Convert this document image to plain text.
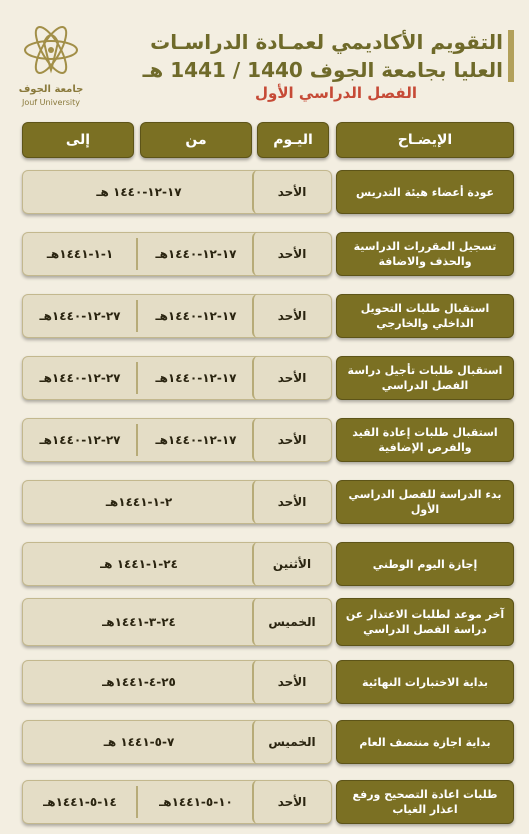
جامعة الجوف
Jouf University
التقويم الأكاديمي لعمـادة الدراسـات
العليا بجامعة الجوف 1440 / 1441 هـ
الفصل الدراسي الأول
الإيضـاح
اليـوم
من
إلى
عودة أعضاء هيئة التدريس
الأحد
١٧-١٢-١٤٤٠ هـ
تسجيل المقررات الدراسية والحذف والاضافة
الأحد
١٧-١٢-١٤٤٠هـ
١-١-١٤٤١هـ
استقبال طلبات التحويل الداخلي والخارجي
الأحد
١٧-١٢-١٤٤٠هـ
٢٧-١٢-١٤٤٠هـ
استقبال طلبات تأجيل دراسة الفصل الدراسي
الأحد
١٧-١٢-١٤٤٠هـ
٢٧-١٢-١٤٤٠هـ
استقبال طلبات إعادة القيد والفرص الإضافية
الأحد
١٧-١٢-١٤٤٠هـ
٢٧-١٢-١٤٤٠هـ
بدء الدراسة للفصل الدراسي الأول
الأحد
٢-١-١٤٤١هـ
إجازة اليوم الوطني
الأثنين
٢٤-١-١٤٤١ هـ
آخر موعد لطلبات الاعتذار عن دراسة الفصل الدراسي
الخميس
٢٤-٣-١٤٤١هـ
بداية الاختبارات النهائية
الأحد
٢٥-٤-١٤٤١هـ
بداية اجازة منتصف العام
الخميس
٧-٥-١٤٤١ هـ
طلبات اعادة التصحيح ورفع اعذار الغياب
الأحد
١٠-٥-١٤٤١هـ
١٤-٥-١٤٤١هـ
